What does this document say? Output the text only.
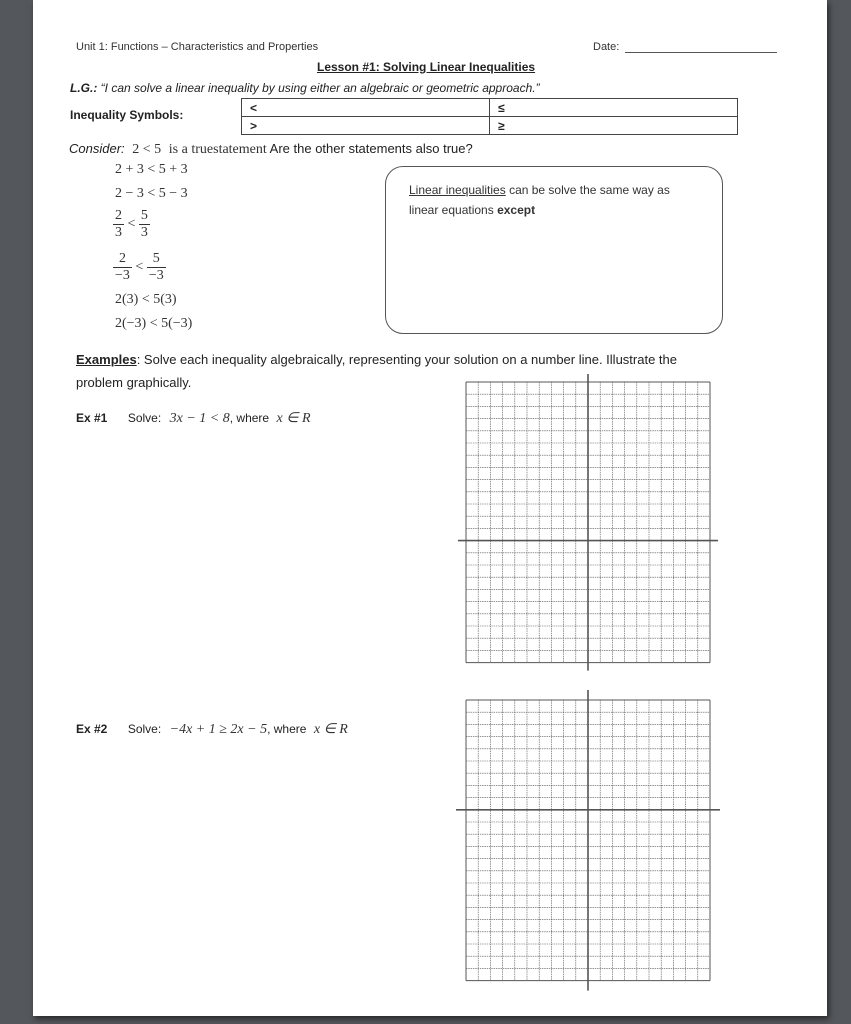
Unit 1: Functions – Characteristics and Properties	Date:
Lesson #1: Solving Linear Inequalities
L.G.: “I can solve a linear inequality by using either an algebraic or geometric approach.”
Inequality Symbols:
<	≤
>	≥
Consider: 2 < 5 is a truestatement Are the other statements also true?
2 + 3 < 5 + 3
2 − 3 < 5 − 3
$\frac{2}{3} < \frac{5}{3}$
$\frac{2}{-3} < \frac{5}{-3}$
2(3) < 5(3)
2(−3) < 5(−3)
Linear inequalities can be solve the same way as
linear equations except
Examples: Solve each inequality algebraically, representing your solution on a number line. Illustrate the
problem graphically.
Ex #1 Solve: 3x − 1 < 8, where x ∈ R
Ex #2 Solve: −4x + 1 ≥ 2x − 5, where x ∈ R
